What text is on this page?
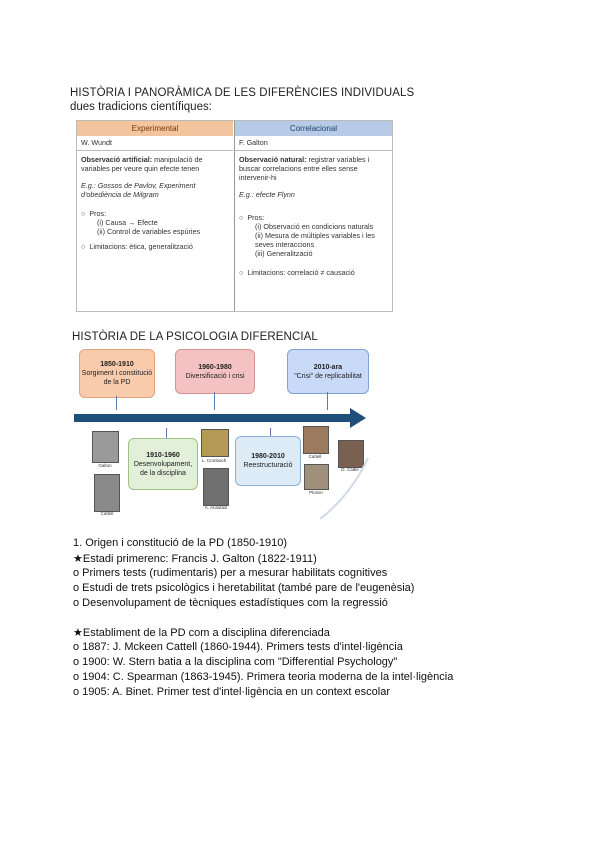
HISTÒRIA I PANORÀMICA DE LES DIFERÈNCIES INDIVIDUALS
dues tradicions científiques:
Experimental
W. Wundt
Observació artificial: manipulació de variables per veure quin efecte tenen
E.g.: Gossos de Pavlov, Experiment d'obediència de Milgram
○  Pros:
(i) Causa → Efecte
(ii) Control de variables espúries
○  Limitacions: ètica, generalització
Correlacional
F. Galton
Observació natural: registrar variables i buscar correlacions entre elles sense intervenir-hi
E.g.: efecte Flynn
○  Pros:
(i) Observació en condicions naturals
(ii) Mesura de múltiples variables i les seves interaccions
(iii) Generalització
○  Limitacions: correlació ≠ causació
HISTÒRIA DE LA PSICOLOGIA DIFERENCIAL
1850-1910
Sorgiment i constitució de la PD
1960-1980
Diversificació i crisi
2010-ara
"Crisi" de replicabilitat
1910-1960
Desenvolupament, de la disciplina
1980-2010
Reestructuració
Galton
Cattell
L. Cronbach
A. Anastasi
Cattell
Plomin
D. Cattle
1. Origen i constitució de la PD (1850-1910)
★Estadi primerenc: Francis J. Galton (1822-1911)
o Primers tests (rudimentaris) per a mesurar habilitats cognitives
o Estudi de trets psicològics i heretabilitat (també pare de l'eugenèsia)
o Desenvolupament de tècniques estadístiques com la regressió
★Establiment de la PD com a disciplina diferenciada
o 1887: J. Mckeen Cattell (1860-1944). Primers tests d'intel·ligència
o 1900: W. Stern batia a la disciplina com "Differential Psychology"
o 1904: C. Spearman (1863-1945). Primera teoria moderna de la intel·ligència
o 1905: A. Binet. Primer test d'intel·ligència en un context escolar
